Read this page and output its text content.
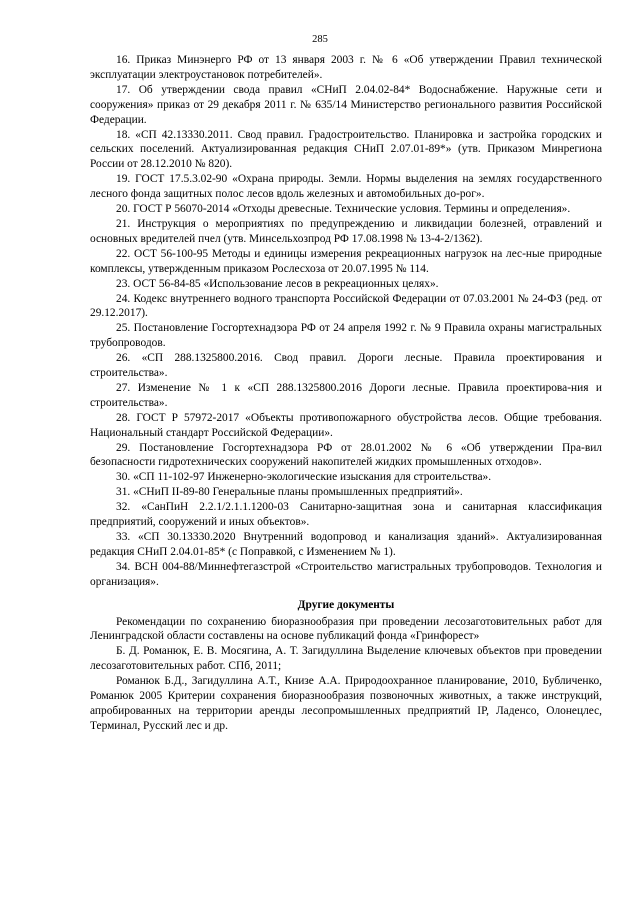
285

16. Приказ Минэнерго РФ от 13 января 2003 г. № 6 «Об утверждении Правил технической эксплуатации электроустановок потребителей».

17. Об утверждении свода правил «СНиП 2.04.02-84* Водоснабжение. Наружные сети и сооружения» приказ от 29 декабря 2011 г. № 635/14 Министерство регионального развития Российской Федерации.

18. «СП 42.13330.2011. Свод правил. Градостроительство. Планировка и застройка городских и сельских поселений. Актуализированная редакция СНиП 2.07.01-89*» (утв. Приказом Минрегиона России от 28.12.2010 № 820).

19. ГОСТ 17.5.3.02-90 «Охрана природы. Земли. Нормы выделения на землях государственного лесного фонда защитных полос лесов вдоль железных и автомобильных до-рог».

20. ГОСТ Р 56070-2014 «Отходы древесные. Технические условия. Термины и определения».

21. Инструкция о мероприятиях по предупреждению и ликвидации болезней, отравлений и основных вредителей пчел (утв. Минсельхозпрод РФ 17.08.1998 № 13-4-2/1362).

22. ОСТ 56-100-95 Методы и единицы измерения рекреационных нагрузок на лес-ные природные комплексы, утвержденным приказом Рослесхоза от 20.07.1995 № 114.

23. ОСТ 56-84-85 «Использование лесов в рекреационных целях».

24. Кодекс внутреннего водного транспорта Российской Федерации от 07.03.2001 № 24-ФЗ (ред. от 29.12.2017).

25. Постановление Госгортехнадзора РФ от 24 апреля 1992 г. № 9 Правила охраны магистральных трубопроводов.

26. «СП 288.1325800.2016. Свод правил. Дороги лесные. Правила проектирования и строительства».

27. Изменение № 1 к «СП 288.1325800.2016 Дороги лесные. Правила проектирова-ния и строительства».

28. ГОСТ Р 57972-2017 «Объекты противопожарного обустройства лесов. Общие требования. Национальный стандарт Российской Федерации».

29. Постановление Госгортехнадзора РФ от 28.01.2002 № 6 «Об утверждении Пра-вил безопасности гидротехнических сооружений накопителей жидких промышленных отходов».

30. «СП 11-102-97 Инженерно-экологические изыскания для строительства».

31. «СНиП II-89-80 Генеральные планы промышленных предприятий».

32. «СанПиН 2.2.1/2.1.1.1200-03 Санитарно-защитная зона и санитарная классификация предприятий, сооружений и иных объектов».

33. «СП 30.13330.2020 Внутренний водопровод и канализация зданий». Актуализированная редакция СНиП 2.04.01-85* (с Поправкой, с Изменением № 1).

34. ВСН 004-88/Миннефтегазстрой «Строительство магистральных трубопроводов. Технология и организация».

Другие документы

Рекомендации по сохранению биоразнообразия при проведении лесозаготовительных работ для Ленинградской области составлены на основе публикаций фонда «Гринфорест»

Б. Д. Романюк, Е. В. Мосягина, А. Т. Загидуллина Выделение ключевых объектов при проведении лесозаготовительных работ. СПб, 2011;

Романюк Б.Д., Загидуллина А.Т., Книзе А.А. Природоохранное планирование, 2010, Бубличенко, Романюк 2005 Критерии сохранения биоразнообразия позвоночных животных, а также инструкций, апробированных на территории аренды лесопромышленных предприятий IP, Ладенсо, Олонецлес, Терминал, Русский лес и др.
